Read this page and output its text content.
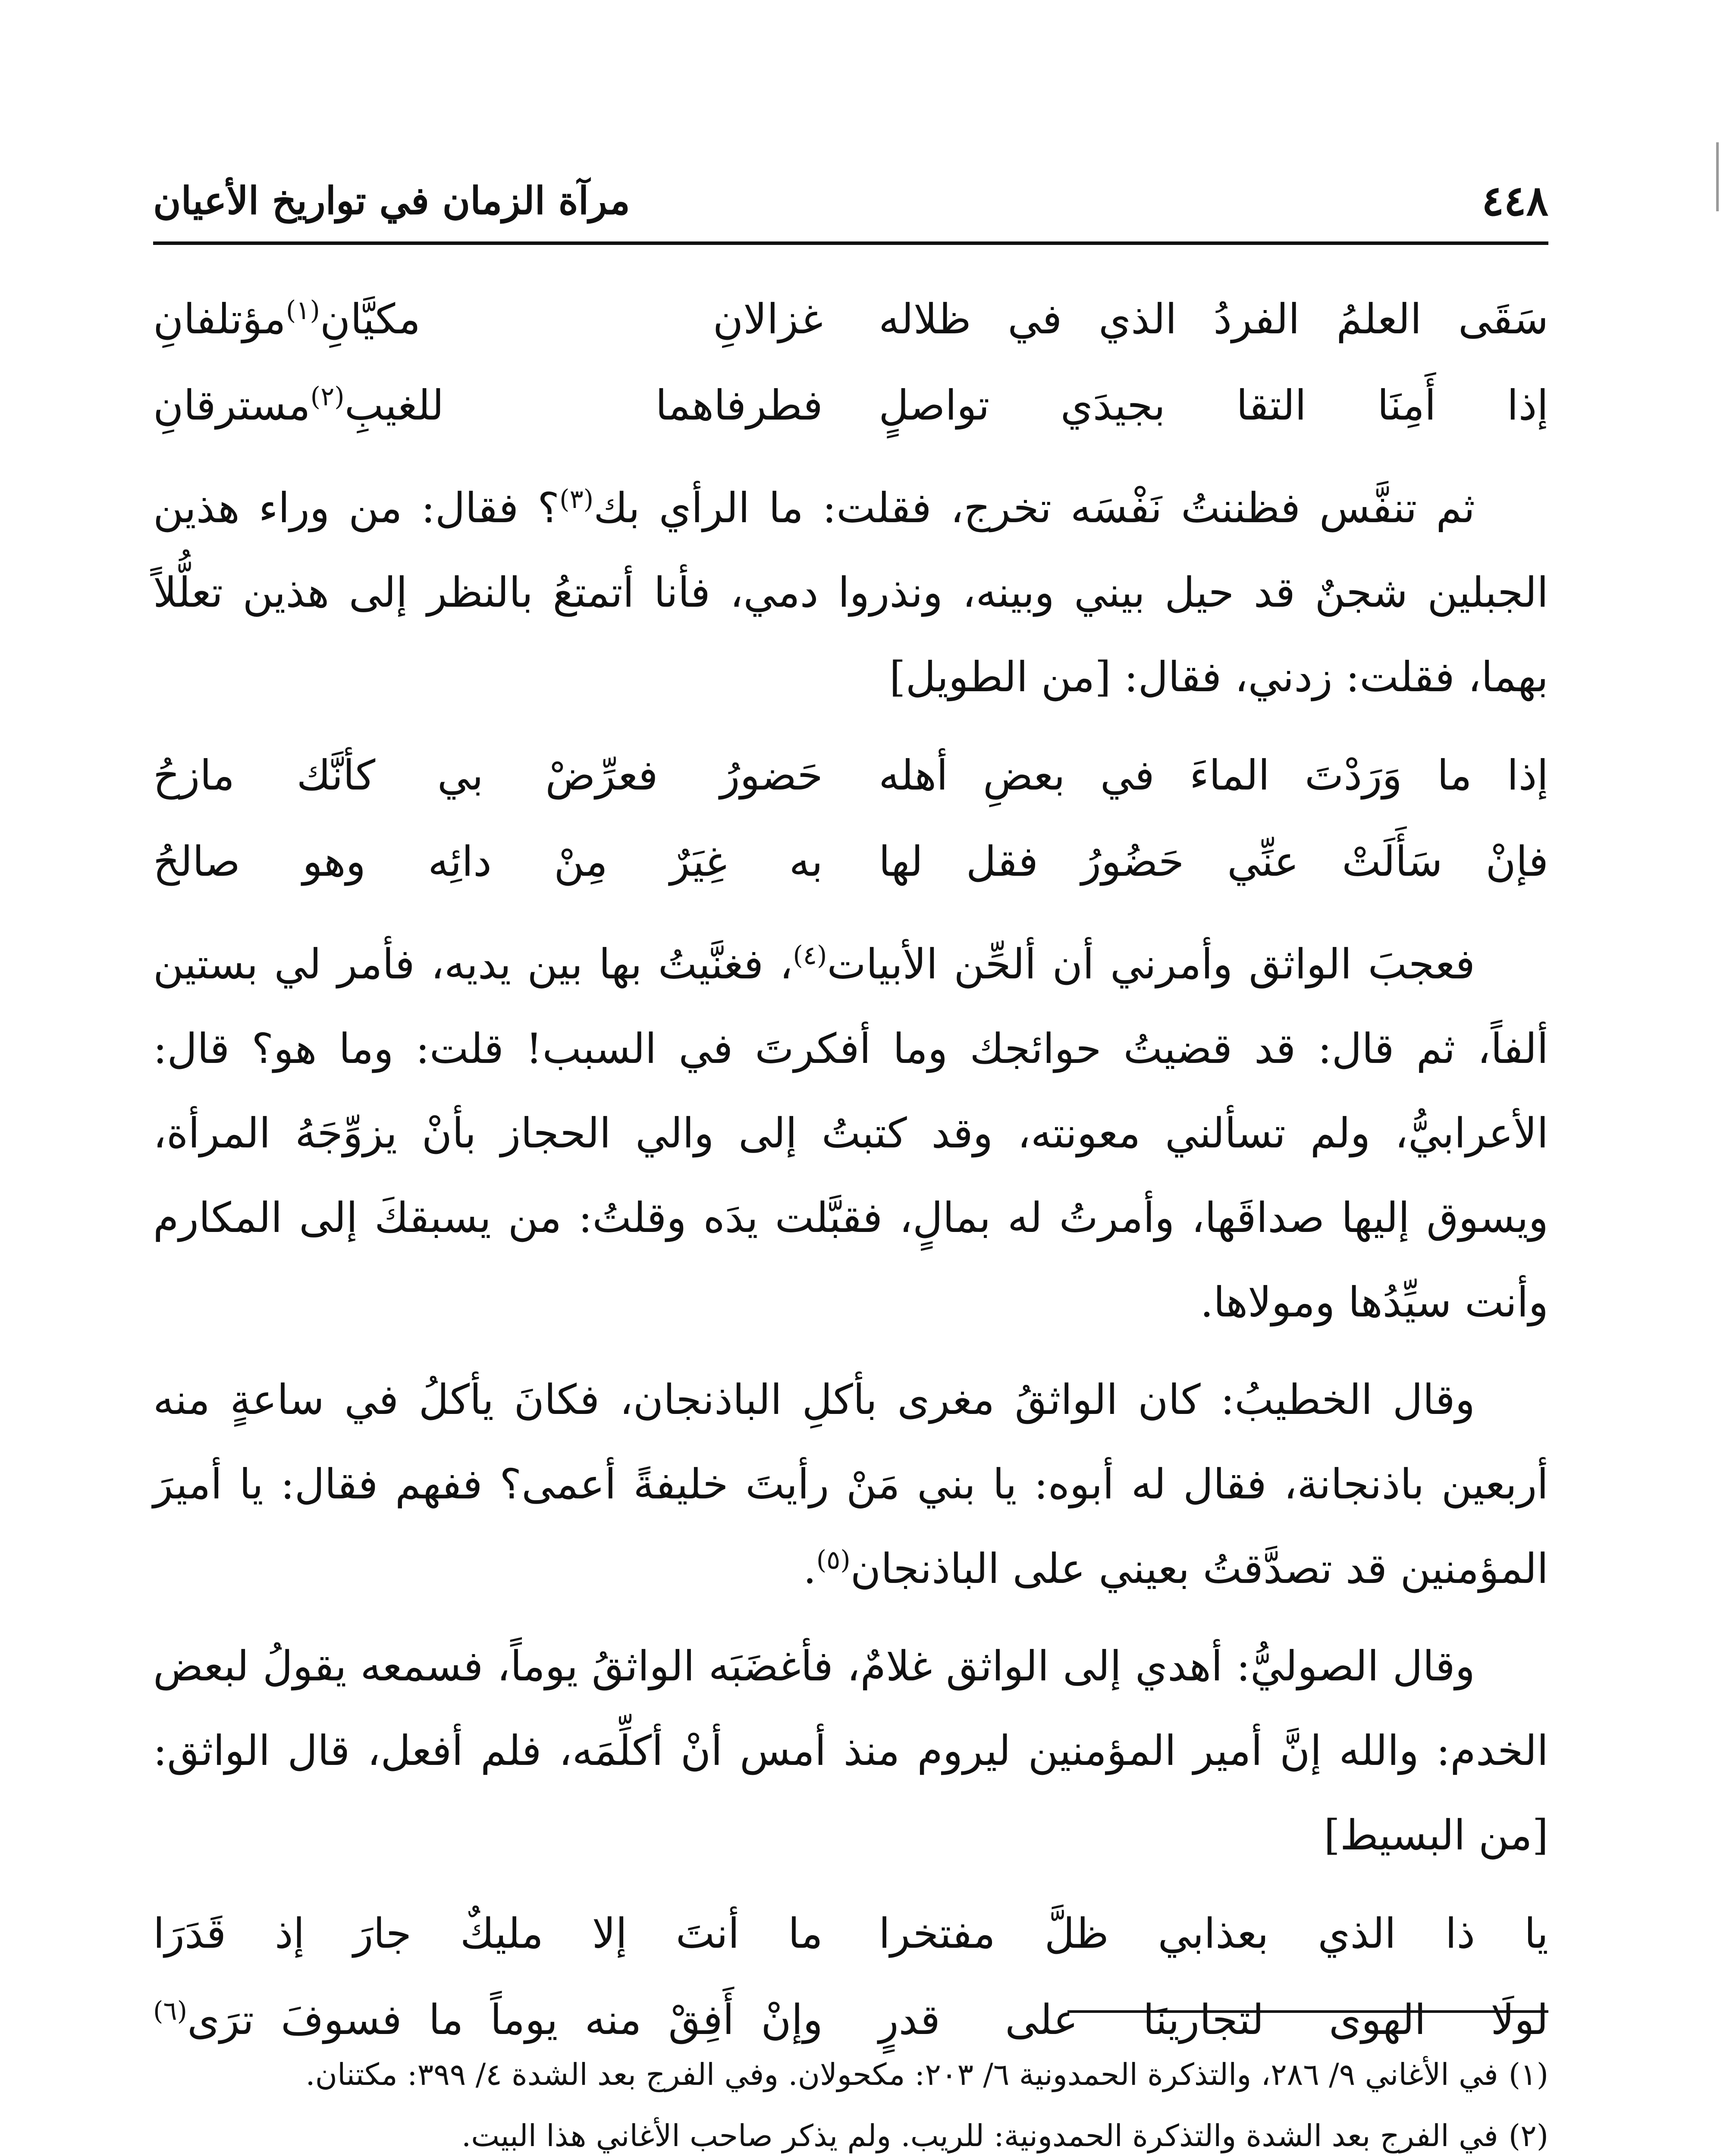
٤٤٨
مرآة الزمان في تواريخ الأعيان
سَقَى العلمُ الفردُ الذي في ظلاله
غزالانِ مكيَّانِ$^{(١)}$مؤتلفانِ
إذا أَمِنَا التقا بجيدَي تواصلٍ
فطرفاهما للغيبِ$^{(٢)}$مسترقانِ

ثم تنفَّس فظننتُ نَفْسَه تخرج، فقلت: ما الرأي بك$^{(٣)}$؟ فقال: من وراء هذين الجبلين شجنٌ قد حيل بيني وبينه، ونذروا دمي، فأنا أتمتعُ بالنظر إلى هذين تعلُّلاً بهما، فقلت: زدني، فقال: [من الطويل]

إذا ما وَرَدْتَ الماءَ في بعضِ أهله
حَضورُ فعرِّضْ بي كأنَّك مازحُ
فإنْ سَأَلَتْ عنِّي حَضُورُ فقل لها
به غِيَرٌ مِنْ دائِه وهو صالحُ

فعجبَ الواثق وأمرني أن ألحِّن الأبيات$^{(٤)}$، فغنَّيتُ بها بين يديه، فأمر لي بستين ألفاً، ثم قال: قد قضيتُ حوائجك وما أفكرتَ في السبب! قلت: وما هو؟ قال: الأعرابيُّ، ولم تسألني معونته، وقد كتبتُ إلى والي الحجاز بأنْ يزوِّجَهُ المرأة، ويسوق إليها صداقَها، وأمرتُ له بمالٍ، فقبَّلت يدَه وقلتُ: من يسبقكَ إلى المكارم وأنت سيِّدُها ومولاها.

وقال الخطيبُ: كان الواثقُ مغرى بأكلِ الباذنجان، فكانَ يأكلُ في ساعةٍ منه أربعين باذنجانة، فقال له أبوه: يا بني مَنْ رأيتَ خليفةً أعمى؟ ففهم فقال: يا أميرَ المؤمنين قد تصدَّقتُ بعيني على الباذنجان$^{(٥)}$.

وقال الصوليُّ: أهدي إلى الواثق غلامٌ، فأغضَبَه الواثقُ يوماً، فسمعه يقولُ لبعض الخدم: والله إنَّ أمير المؤمنين ليروم منذ أمس أنْ أكلِّمَه، فلم أفعل، قال الواثق: [من البسيط]

يا ذا الذي بعذابي ظلَّ مفتخرا
ما أنتَ إلا مليكٌ جارَ إذ قَدَرَا
لولَا الهوى لتجارينَا على قدرٍ
وإنْ أَفِقْ منه يوماً ما فسوفَ ترَى$^{(٦)}$

(١)في الأغاني ٩/ ٢٨٦، والتذكرة الحمدونية ٦/ ٢٠٣: مكحولان. وفي الفرج بعد الشدة ٤/ ٣٩٩: مكتنان.

(٢)في الفرج بعد الشدة والتذكرة الحمدونية: للريب. ولم يذكر صاحب الأغاني هذا البيت.
